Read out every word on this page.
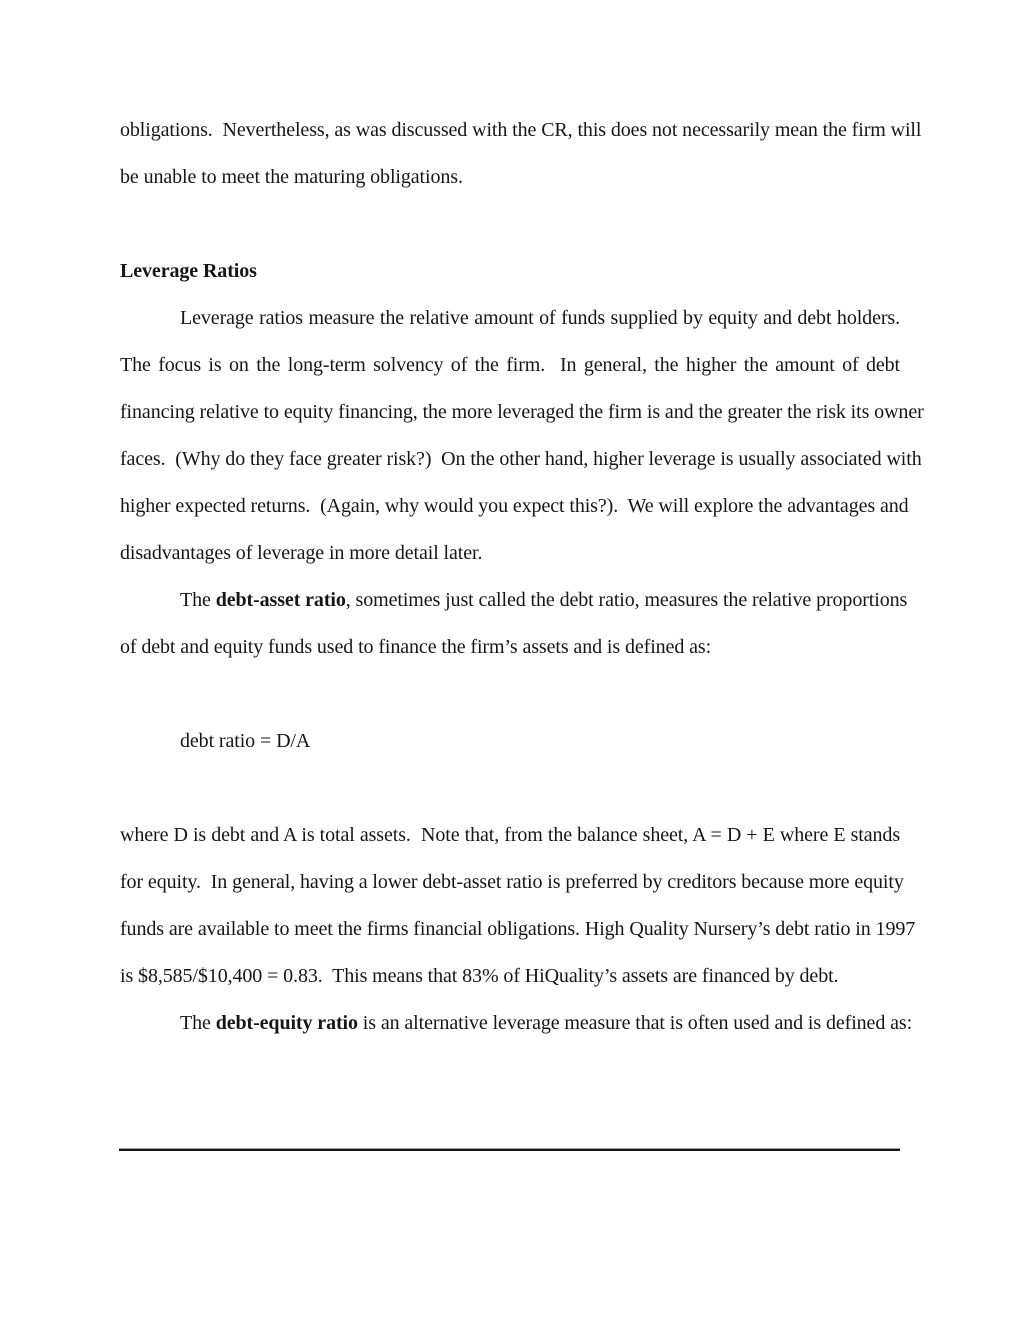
obligations.  Nevertheless, as was discussed with the CR, this does not necessarily mean the firm will
be unable to meet the maturing obligations.
Leverage Ratios
Leverage ratios measure the relative amount of funds supplied by equity and debt holders.
The focus is on the long-term solvency of the firm.  In general, the higher the amount of debt
financing relative to equity financing, the more leveraged the firm is and the greater the risk its owner
faces.  (Why do they face greater risk?)  On the other hand, higher leverage is usually associated with
higher expected returns.  (Again, why would you expect this?).  We will explore the advantages and
disadvantages of leverage in more detail later.
The debt-asset ratio, sometimes just called the debt ratio, measures the relative proportions
of debt and equity funds used to finance the firm’s assets and is defined as:
debt ratio = D/A
where D is debt and A is total assets.  Note that, from the balance sheet, A = D + E where E stands
for equity.  In general, having a lower debt-asset ratio is preferred by creditors because more equity
funds are available to meet the firms financial obligations. High Quality Nursery’s debt ratio in 1997
is $8,585/$10,400 = 0.83.  This means that 83% of HiQuality’s assets are financed by debt.
The debt-equity ratio is an alternative leverage measure that is often used and is defined as:
